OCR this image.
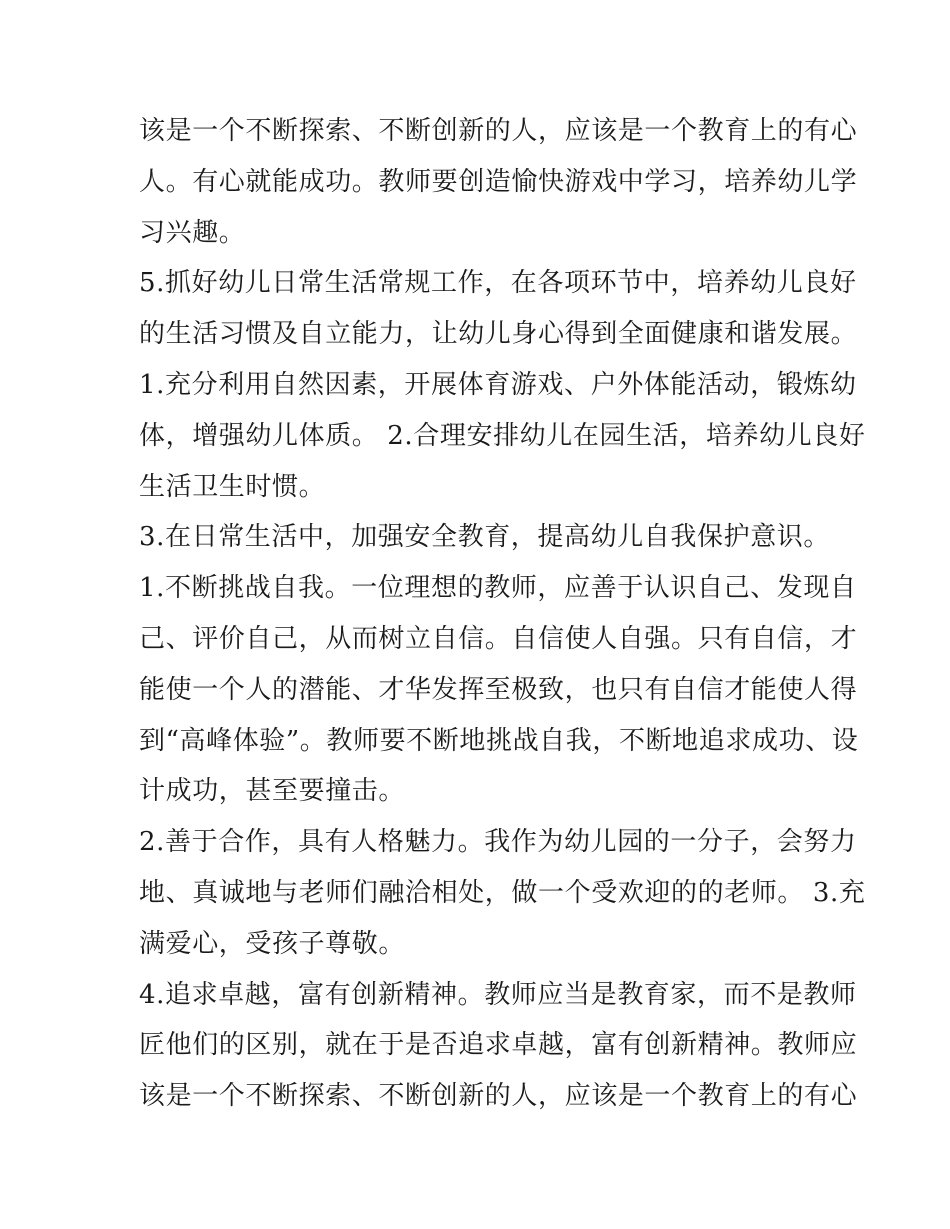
该是一个不断探索、不断创新的人，应该是一个教育上的有心
人。有心就能成功。教师要创造愉快游戏中学习，培养幼儿学
习兴趣。
5.抓好幼儿日常生活常规工作，在各项环节中，培养幼儿良好
的生活习惯及自立能力，让幼儿身心得到全面健康和谐发展。
1.充分利用自然因素，开展体育游戏、户外体能活动，锻炼幼
体，增强幼儿体质。 2.合理安排幼儿在园生活，培养幼儿良好
生活卫生时惯。
3.在日常生活中，加强安全教育，提高幼儿自我保护意识。
1.不断挑战自我。一位理想的教师，应善于认识自己、发现自
己、评价自己，从而树立自信。自信使人自强。只有自信，才
能使一个人的潜能、才华发挥至极致，也只有自信才能使人得
到“高峰体验”。教师要不断地挑战自我，不断地追求成功、设
计成功，甚至要撞击。
2.善于合作，具有人格魅力。我作为幼儿园的一分子，会努力
地、真诚地与老师们融洽相处，做一个受欢迎的的老师。 3.充
满爱心，受孩子尊敬。
4.追求卓越，富有创新精神。教师应当是教育家，而不是教师
匠他们的区别，就在于是否追求卓越，富有创新精神。教师应
该是一个不断探索、不断创新的人，应该是一个教育上的有心
